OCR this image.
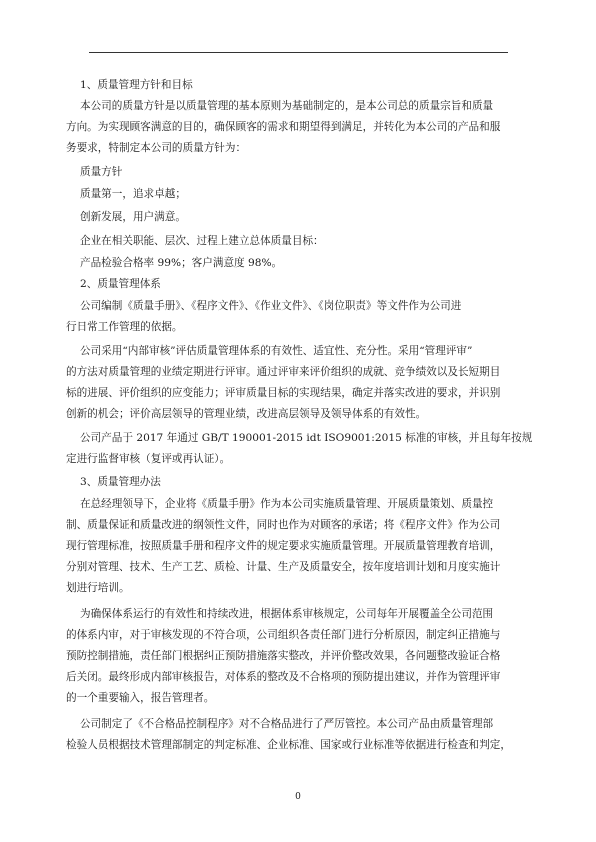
1、质量管理方针和目标
本公司的质量方针是以质量管理的基本原则为基础制定的，是本公司总的质量宗旨和质量
方向。为实现顾客满意的目的，确保顾客的需求和期望得到满足，并转化为本公司的产品和服
务要求，特制定本公司的质量方针为：
质量方针
质量第一，追求卓越；
创新发展，用户满意。
企业在相关职能、层次、过程上建立总体质量目标：
产品检验合格率 99%；客户满意度 98%。
2、质量管理体系
公司编制《质量手册》、《程序文件》、《作业文件》、《岗位职责》等文件作为公司进
行日常工作管理的依据。
公司采用“内部审核”评估质量管理体系的有效性、适宜性、充分性。采用“管理评审”
的方法对质量管理的业绩定期进行评审。通过评审来评价组织的成就、竞争绩效以及长短期目
标的进展、评价组织的应变能力；评审质量目标的实现结果，确定并落实改进的要求，并识别
创新的机会；评价高层领导的管理业绩，改进高层领导及领导体系的有效性。
公司产品于 2017 年通过 GB/T 190001-2015 idt ISO9001:2015 标准的审核，并且每年按规
定进行监督审核（复评或再认证）。
3、质量管理办法
在总经理领导下，企业将《质量手册》作为本公司实施质量管理、开展质量策划、质量控
制、质量保证和质量改进的纲领性文件，同时也作为对顾客的承诺；将《程序文件》作为公司
现行管理标准，按照质量手册和程序文件的规定要求实施质量管理。开展质量管理教育培训，
分别对管理、技术、生产工艺、质检、计量、生产及质量安全，按年度培训计划和月度实施计
划进行培训。
为确保体系运行的有效性和持续改进，根据体系审核规定，公司每年开展覆盖全公司范围
的体系内审，对于审核发现的不符合项，公司组织各责任部门进行分析原因，制定纠正措施与
预防控制措施，责任部门根据纠正预防措施落实整改，并评价整改效果，各问题整改验证合格
后关闭。最终形成内部审核报告，对体系的整改及不合格项的预防提出建议，并作为管理评审
的一个重要输入，报告管理者。
公司制定了《不合格品控制程序》对不合格品进行了严厉管控。本公司产品由质量管理部
检验人员根据技术管理部制定的判定标准、企业标准、国家或行业标准等依据进行检查和判定，
0
